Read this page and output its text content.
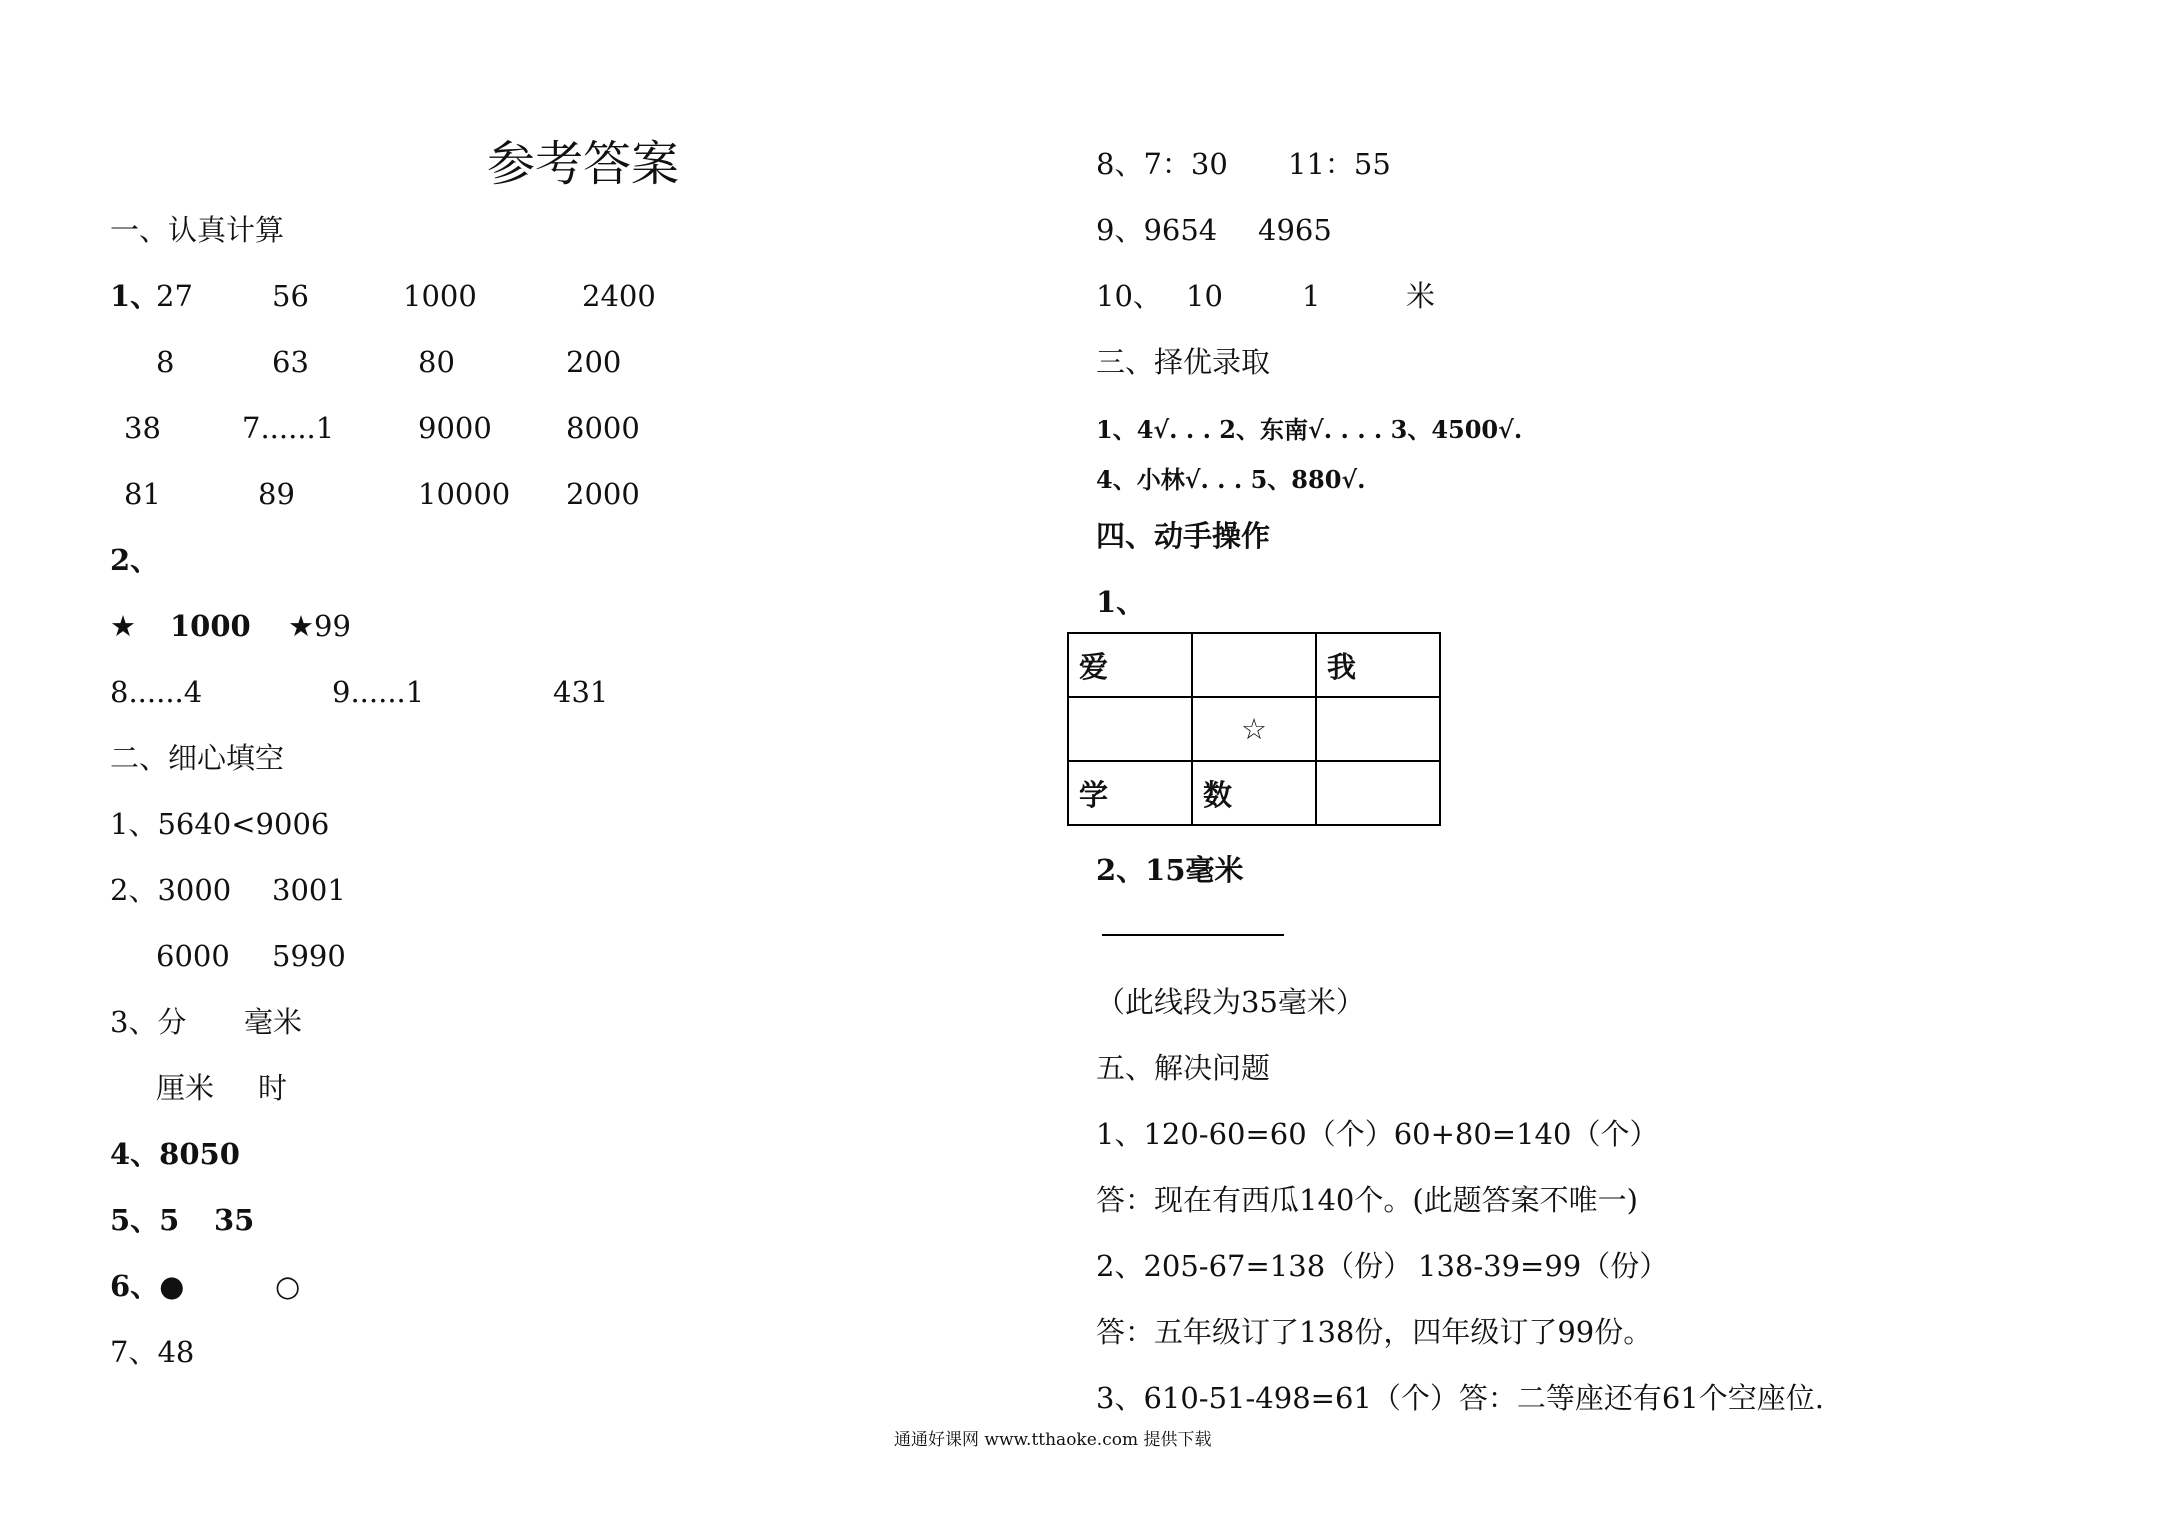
参考答案
一、认真计算
1、
27	56	1000	2400
8	63	80	200
38	7......1	9000	8000
81	89	10000 2000
2、
★ 1000 ★99
8......4	9......1	431
二、细心填空
1、5640<9006
2、3000 3001
6000 5990
3、分 毫米
厘米 时
4、8050
5、5 35
6、●	○
7、48
8、7：30 11：55
9、9654 4965
10、 10	1	米
三、择优录取
1、4√. . . 2、东南√. . . . 3、4500√.
4、小林√. . . 5、880√.
四、动手操作
1、
爱		我
	☆	
学	数	
2、15毫米
（此线段为35毫米）
五、解决问题
1、120-60=60（个）60+80=140（个）
答：现在有西瓜140个。(此题答案不唯一)
2、205-67=138（份） 138-39=99（份）
答：五年级订了138份，四年级订了99份。
3、610-51-498=61（个）答：二等座还有61个空座位.
通通好课网 www.tthaoke.com 提供下载
